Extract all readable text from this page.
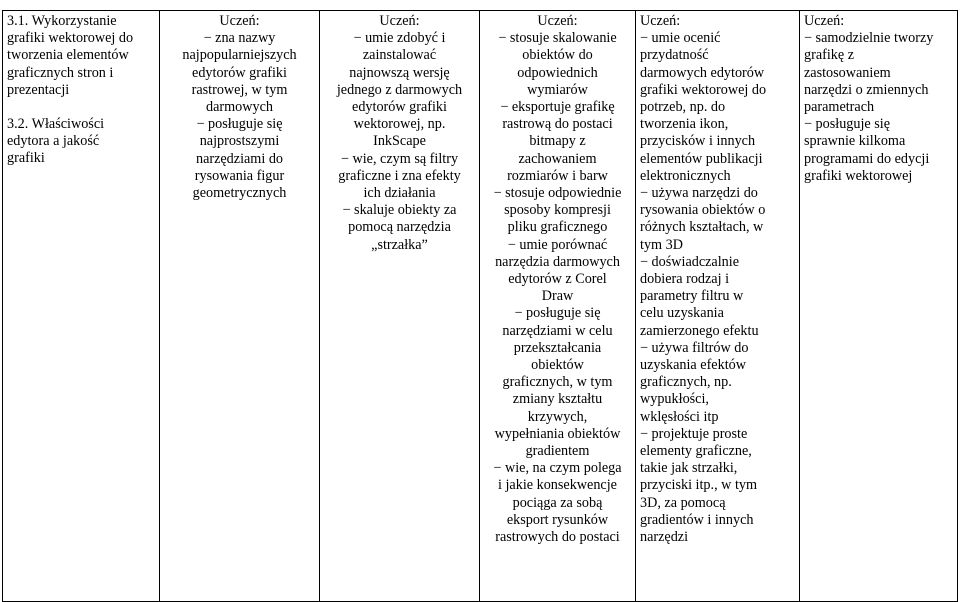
3.1. Wykorzystanie
grafiki wektorowej do
tworzenia elementów
graficznych stron i
prezentacji
3.2. Właściwości
edytora a jakość
grafiki

Uczeń:
− zna nazwy
najpopularniejszych
edytorów grafiki
rastrowej, w tym
darmowych
− posługuje się
najprostszymi
narzędziami do
rysowania figur
geometrycznych

Uczeń:
− umie zdobyć i
zainstalować
najnowszą wersję
jednego z darmowych
edytorów grafiki
wektorowej, np.
InkScape
− wie, czym są filtry
graficzne i zna efekty
ich działania
− skaluje obiekty za
pomocą narzędzia
„strzałka”

Uczeń:
− stosuje skalowanie
obiektów do
odpowiednich
wymiarów
− eksportuje grafikę
rastrową do postaci
bitmapy z
zachowaniem
rozmiarów i barw
− stosuje odpowiednie
sposoby kompresji
pliku graficznego
− umie porównać
narzędzia darmowych
edytorów z Corel
Draw
− posługuje się
narzędziami w celu
przekształcania
obiektów
graficznych, w tym
zmiany kształtu
krzywych,
wypełniania obiektów
gradientem
− wie, na czym polega
i jakie konsekwencje
pociąga za sobą
eksport rysunków
rastrowych do postaci

Uczeń:
− umie ocenić
przydatność
darmowych edytorów
grafiki wektorowej do
potrzeb, np. do
tworzenia ikon,
przycisków i innych
elementów publikacji
elektronicznych
− używa narzędzi do
rysowania obiektów o
różnych kształtach, w
tym 3D
− doświadczalnie
dobiera rodzaj i
parametry filtru w
celu uzyskania
zamierzonego efektu
− używa filtrów do
uzyskania efektów
graficznych, np.
wypukłości,
wklęsłości itp
− projektuje proste
elementy graficzne,
takie jak strzałki,
przyciski itp., w tym
3D, za pomocą
gradientów i innych
narzędzi

Uczeń:
− samodzielnie tworzy
grafikę z
zastosowaniem
narzędzi o zmiennych
parametrach
− posługuje się
sprawnie kilkoma
programami do edycji
grafiki wektorowej
